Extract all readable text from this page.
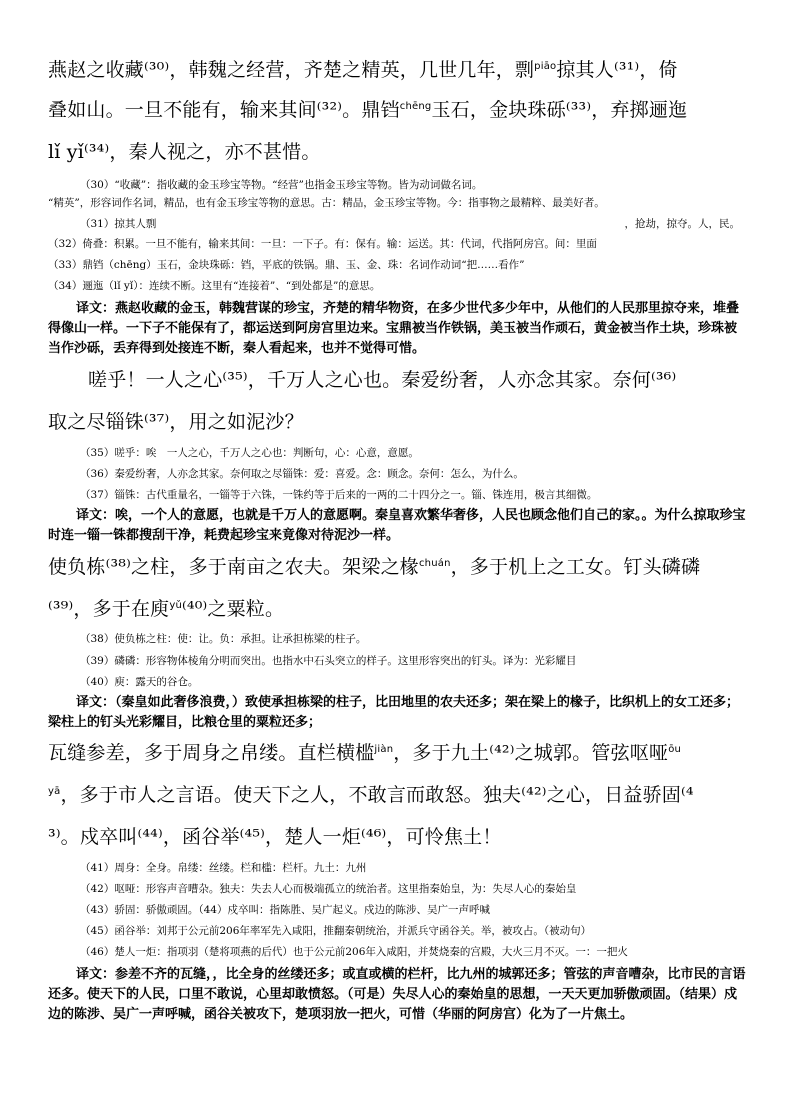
燕赵之收藏⁽³⁰⁾，韩魏之经营，齐楚之精英，几世几年，剽$^{piāo}$掠其人⁽³¹⁾，倚
叠如山。一旦不能有，输来其间⁽³²⁾。鼎铛$^{chēng}$玉石，金块珠砾⁽³³⁾，弃掷逦迤
lǐ yǐ⁽³⁴⁾，秦人视之，亦不甚惜。
（30）“收藏”：指收藏的金玉珍宝等物。“经营”也指金玉珍宝等物。皆为动词做名词。
“精英”，形容词作名词，精品，也有金玉珍宝等物的意思。古：精品，金玉珍宝等物。今：指事物之最精粹、最美好者。
（31）掠其人剽	，抢劫，掠夺。人，民。
（32）倚叠：积累。一旦不能有，输来其间：一旦：一下子。有：保有。输：运送。其：代词，代指阿房宫。间：里面
（33）鼎铛（chēng）玉石，金块珠砾：铛，平底的铁锅。鼎、玉、金、珠：名词作动词“把……看作”
（34）逦迤（lǐ yǐ）：连续不断。这里有“连接着”、“到处都是”的意思。
译文：燕赵收藏的金玉，韩魏营谋的珍宝，齐楚的精华物资，在多少世代多少年中，从他们的人民那里掠夺来，堆叠得像山一样。一下子不能保有了，都运送到阿房宫里边来。宝鼎被当作铁锅，美玉被当作顽石，黄金被当作土块，珍珠被当作沙砾，丢弃得到处接连不断，秦人看起来，也并不觉得可惜。
嗟乎！一人之心⁽³⁵⁾，千万人之心也。秦爱纷奢，人亦念其家。奈何⁽³⁶⁾
取之尽锱铢⁽³⁷⁾，用之如泥沙？
（35）嗟乎：唉　一人之心，千万人之心也：判断句，心：心意，意愿。
（36）秦爱纷奢，人亦念其家。奈何取之尽锱铢：爱：喜爱。念：顾念。奈何：怎么，为什么。
（37）锱铢：古代重量名，一锱等于六铢，一铢约等于后来的一两的二十四分之一。锱、铢连用，极言其细微。
译文：唉，一个人的意愿，也就是千万人的意愿啊。秦皇喜欢繁华奢侈，人民也顾念他们自己的家。。为什么掠取珍宝时连一锱一铢都搜刮干净，耗费起珍宝来竟像对待泥沙一样。
使负栋⁽³⁸⁾之柱，多于南亩之农夫。架梁之椽$^{chuán}$，多于机上之工女。钉头磷磷
⁽³⁹⁾，多于在庾$^{yǔ}$⁽⁴⁰⁾之粟粒。
（38）使负栋之柱：使：让。负：承担。让承担栋梁的柱子。
（39）磷磷：形容物体棱角分明而突出。也指水中石头突立的样子。这里形容突出的钉头。译为：光彩耀目
（40）庾：露天的谷仓。
译文：（秦皇如此奢侈浪费，）致使承担栋梁的柱子，比田地里的农夫还多；架在梁上的椽子，比织机上的女工还多；梁柱上的钉头光彩耀目，比粮仓里的粟粒还多；
瓦缝参差，多于周身之帛缕。直栏横槛$^{jiàn}$，多于九土⁽⁴²⁾之城郭。管弦呕哑$^{ōu}$
$^{yā}$，多于市人之言语。使天下之人，不敢言而敢怒。独夫⁽⁴²⁾之心，日益骄固⁽⁴
³⁾。戍卒叫⁽⁴⁴⁾，函谷举⁽⁴⁵⁾，楚人一炬⁽⁴⁶⁾，可怜焦土！
（41）周身：全身。帛缕：丝缕。栏和槛：栏杆。九土：九州
（42）呕哑：形容声音嘈杂。独夫：失去人心而极端孤立的统治者。这里指秦始皇，为：失尽人心的秦始皇
（43）骄固：骄傲顽固。（44）戍卒叫：指陈胜、吴广起义。戍边的陈涉、吴广一声呼喊
（45）函谷举：刘邦于公元前206年率军先入咸阳，推翻秦朝统治，并派兵守函谷关。举，被攻占。（被动句）
（46）楚人一炬：指项羽（楚将项燕的后代）也于公元前206年入咸阳，并焚烧秦的宫殿，大火三月不灭。一：一把火
译文：参差不齐的瓦缝，，比全身的丝缕还多；或直或横的栏杆，比九州的城郭还多；管弦的声音嘈杂，比市民的言语还多。使天下的人民，口里不敢说，心里却敢愤怒。（可是）失尽人心的秦始皇的思想，一天天更加骄傲顽固。（结果）戍边的陈涉、吴广一声呼喊，函谷关被攻下，楚项羽放一把火，可惜（华丽的阿房宫）化为了一片焦土。
